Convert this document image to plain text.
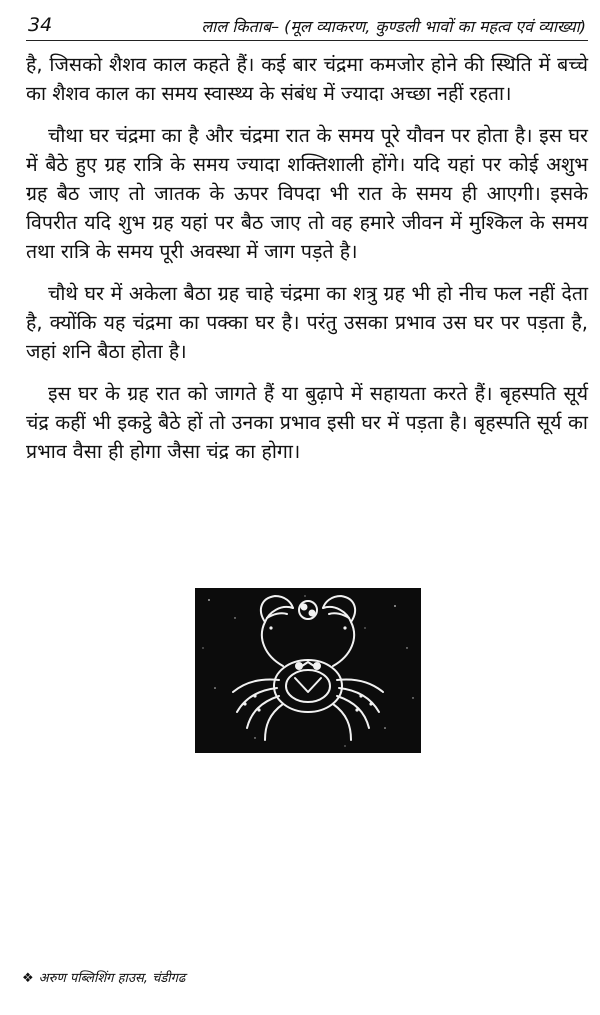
34	लाल किताब– (मूल व्याकरण, कुण्डली भावों का महत्व एवं व्याख्या)

है, जिसको शैशव काल कहते हैं। कई बार चंद्रमा कमजोर होने की स्थिति में बच्चे का शैशव काल का समय स्वास्थ्य के संबंध में ज्यादा अच्छा नहीं रहता।

चौथा घर चंद्रमा का है और चंद्रमा रात के समय पूरे यौवन पर होता है। इस घर में बैठे हुए ग्रह रात्रि के समय ज्यादा शक्तिशाली होंगे। यदि यहां पर कोई अशुभ ग्रह बैठ जाए तो जातक के ऊपर विपदा भी रात के समय ही आएगी। इसके विपरीत यदि शुभ ग्रह यहां पर बैठ जाए तो वह हमारे जीवन में मुश्किल के समय तथा रात्रि के समय पूरी अवस्था में जाग पड़ते है।

चौथे घर में अकेला बैठा ग्रह चाहे चंद्रमा का शत्रु ग्रह भी हो नीच फल नहीं देता है, क्योंकि यह चंद्रमा का पक्का घर है। परंतु उसका प्रभाव उस घर पर पड़ता है, जहां शनि बैठा होता है।

इस घर के ग्रह रात को जागते हैं या बुढ़ापे में सहायता करते हैं। बृहस्पति सूर्य चंद्र कहीं भी इकट्ठे बैठे हों तो उनका प्रभाव इसी घर में पड़ता है। बृहस्पति सूर्य का प्रभाव वैसा ही होगा जैसा चंद्र का होगा।

❖ अरुण पब्लिशिंग हाउस, चंडीगढ
